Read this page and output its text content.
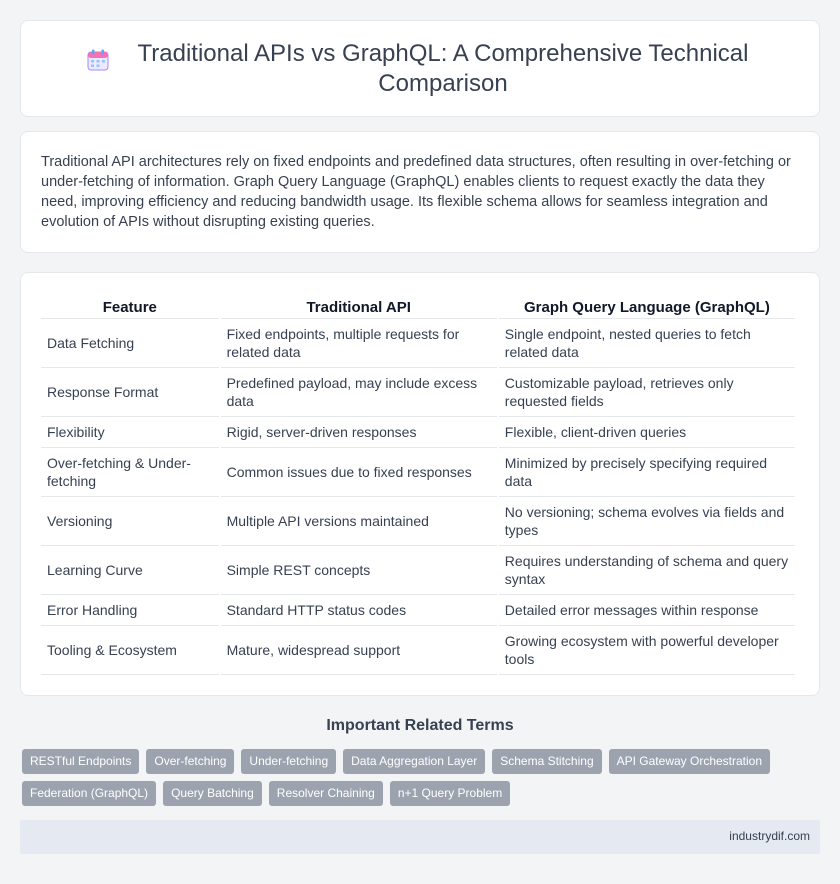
Traditional APIs vs GraphQL: A Comprehensive Technical Comparison

Traditional API architectures rely on fixed endpoints and predefined data structures, often resulting in over-fetching or under-fetching of information. Graph Query Language (GraphQL) enables clients to request exactly the data they need, improving efficiency and reducing bandwidth usage. Its flexible schema allows for seamless integration and evolution of APIs without disrupting existing queries.

Feature	Traditional API	Graph Query Language (GraphQL)
Data Fetching	Fixed endpoints, multiple requests for related data	Single endpoint, nested queries to fetch related data
Response Format	Predefined payload, may include excess data	Customizable payload, retrieves only requested fields
Flexibility	Rigid, server-driven responses	Flexible, client-driven queries
Over-fetching & Under-fetching	Common issues due to fixed responses	Minimized by precisely specifying required data
Versioning	Multiple API versions maintained	No versioning; schema evolves via fields and types
Learning Curve	Simple REST concepts	Requires understanding of schema and query syntax
Error Handling	Standard HTTP status codes	Detailed error messages within response
Tooling & Ecosystem	Mature, widespread support	Growing ecosystem with powerful developer tools
Important Related Terms
RESTful Endpoints	Over-fetching	Under-fetching	Data Aggregation Layer	Schema Stitching	API Gateway Orchestration
Federation (GraphQL)	Query Batching	Resolver Chaining	n+1 Query Problem
industrydif.com
